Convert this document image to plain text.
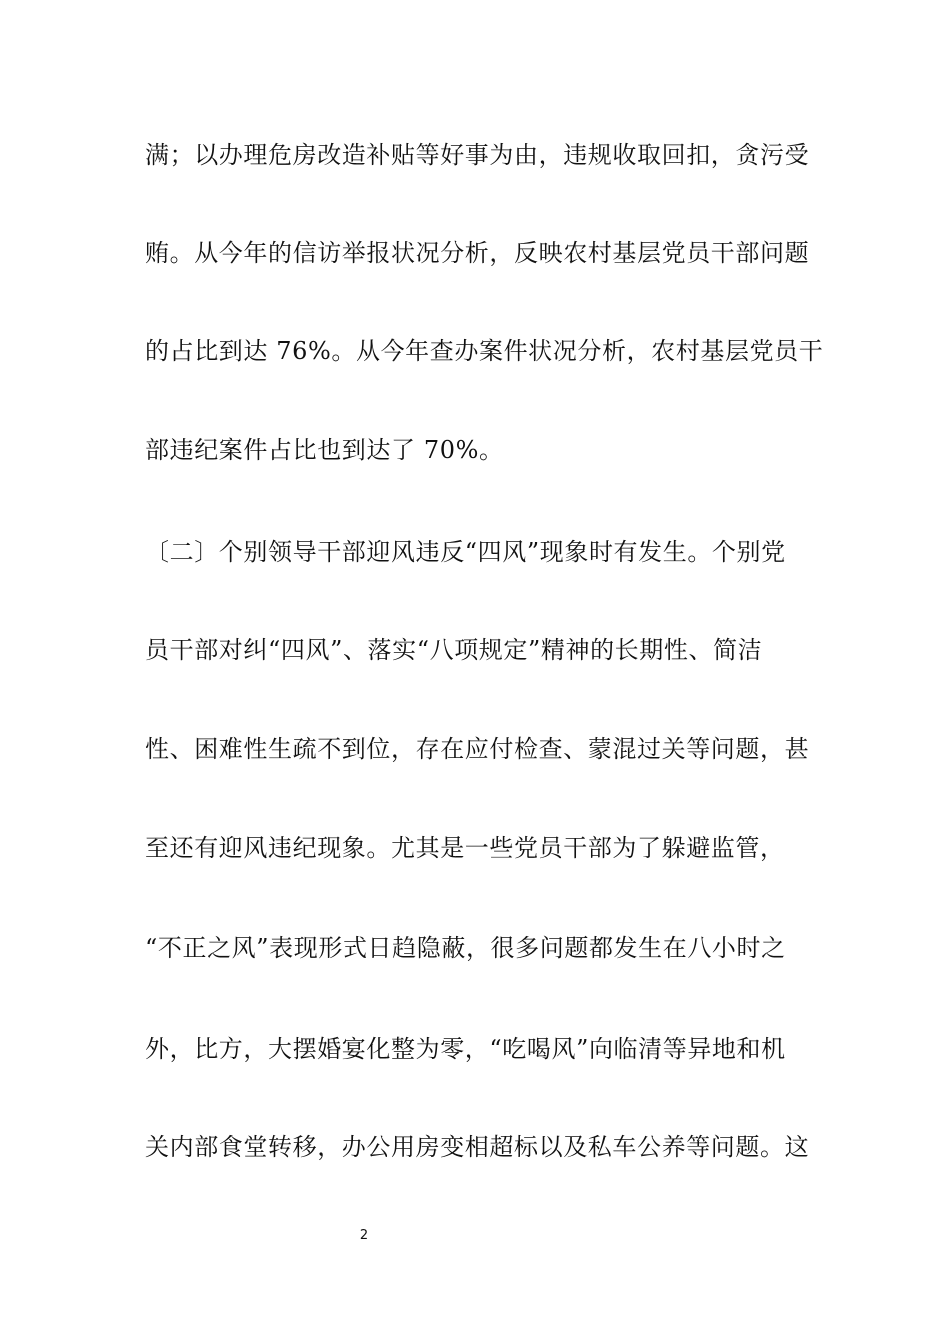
满；以办理危房改造补贴等好事为由，违规收取回扣，贪污受
贿。从今年的信访举报状况分析，反映农村基层党员干部问题
的占比到达 76%。从今年查办案件状况分析，农村基层党员干
部违纪案件占比也到达了 70%。
〔二〕个别领导干部迎风违反“四风”现象时有发生。个别党
员干部对纠“四风”、落实“八项规定”精神的长期性、简洁
性、困难性生疏不到位，存在应付检查、蒙混过关等问题，甚
至还有迎风违纪现象。尤其是一些党员干部为了躲避监管，
“不正之风”表现形式日趋隐蔽，很多问题都发生在八小时之
外，比方，大摆婚宴化整为零，“吃喝风”向临清等异地和机
关内部食堂转移，办公用房变相超标以及私车公养等问题。这
2
